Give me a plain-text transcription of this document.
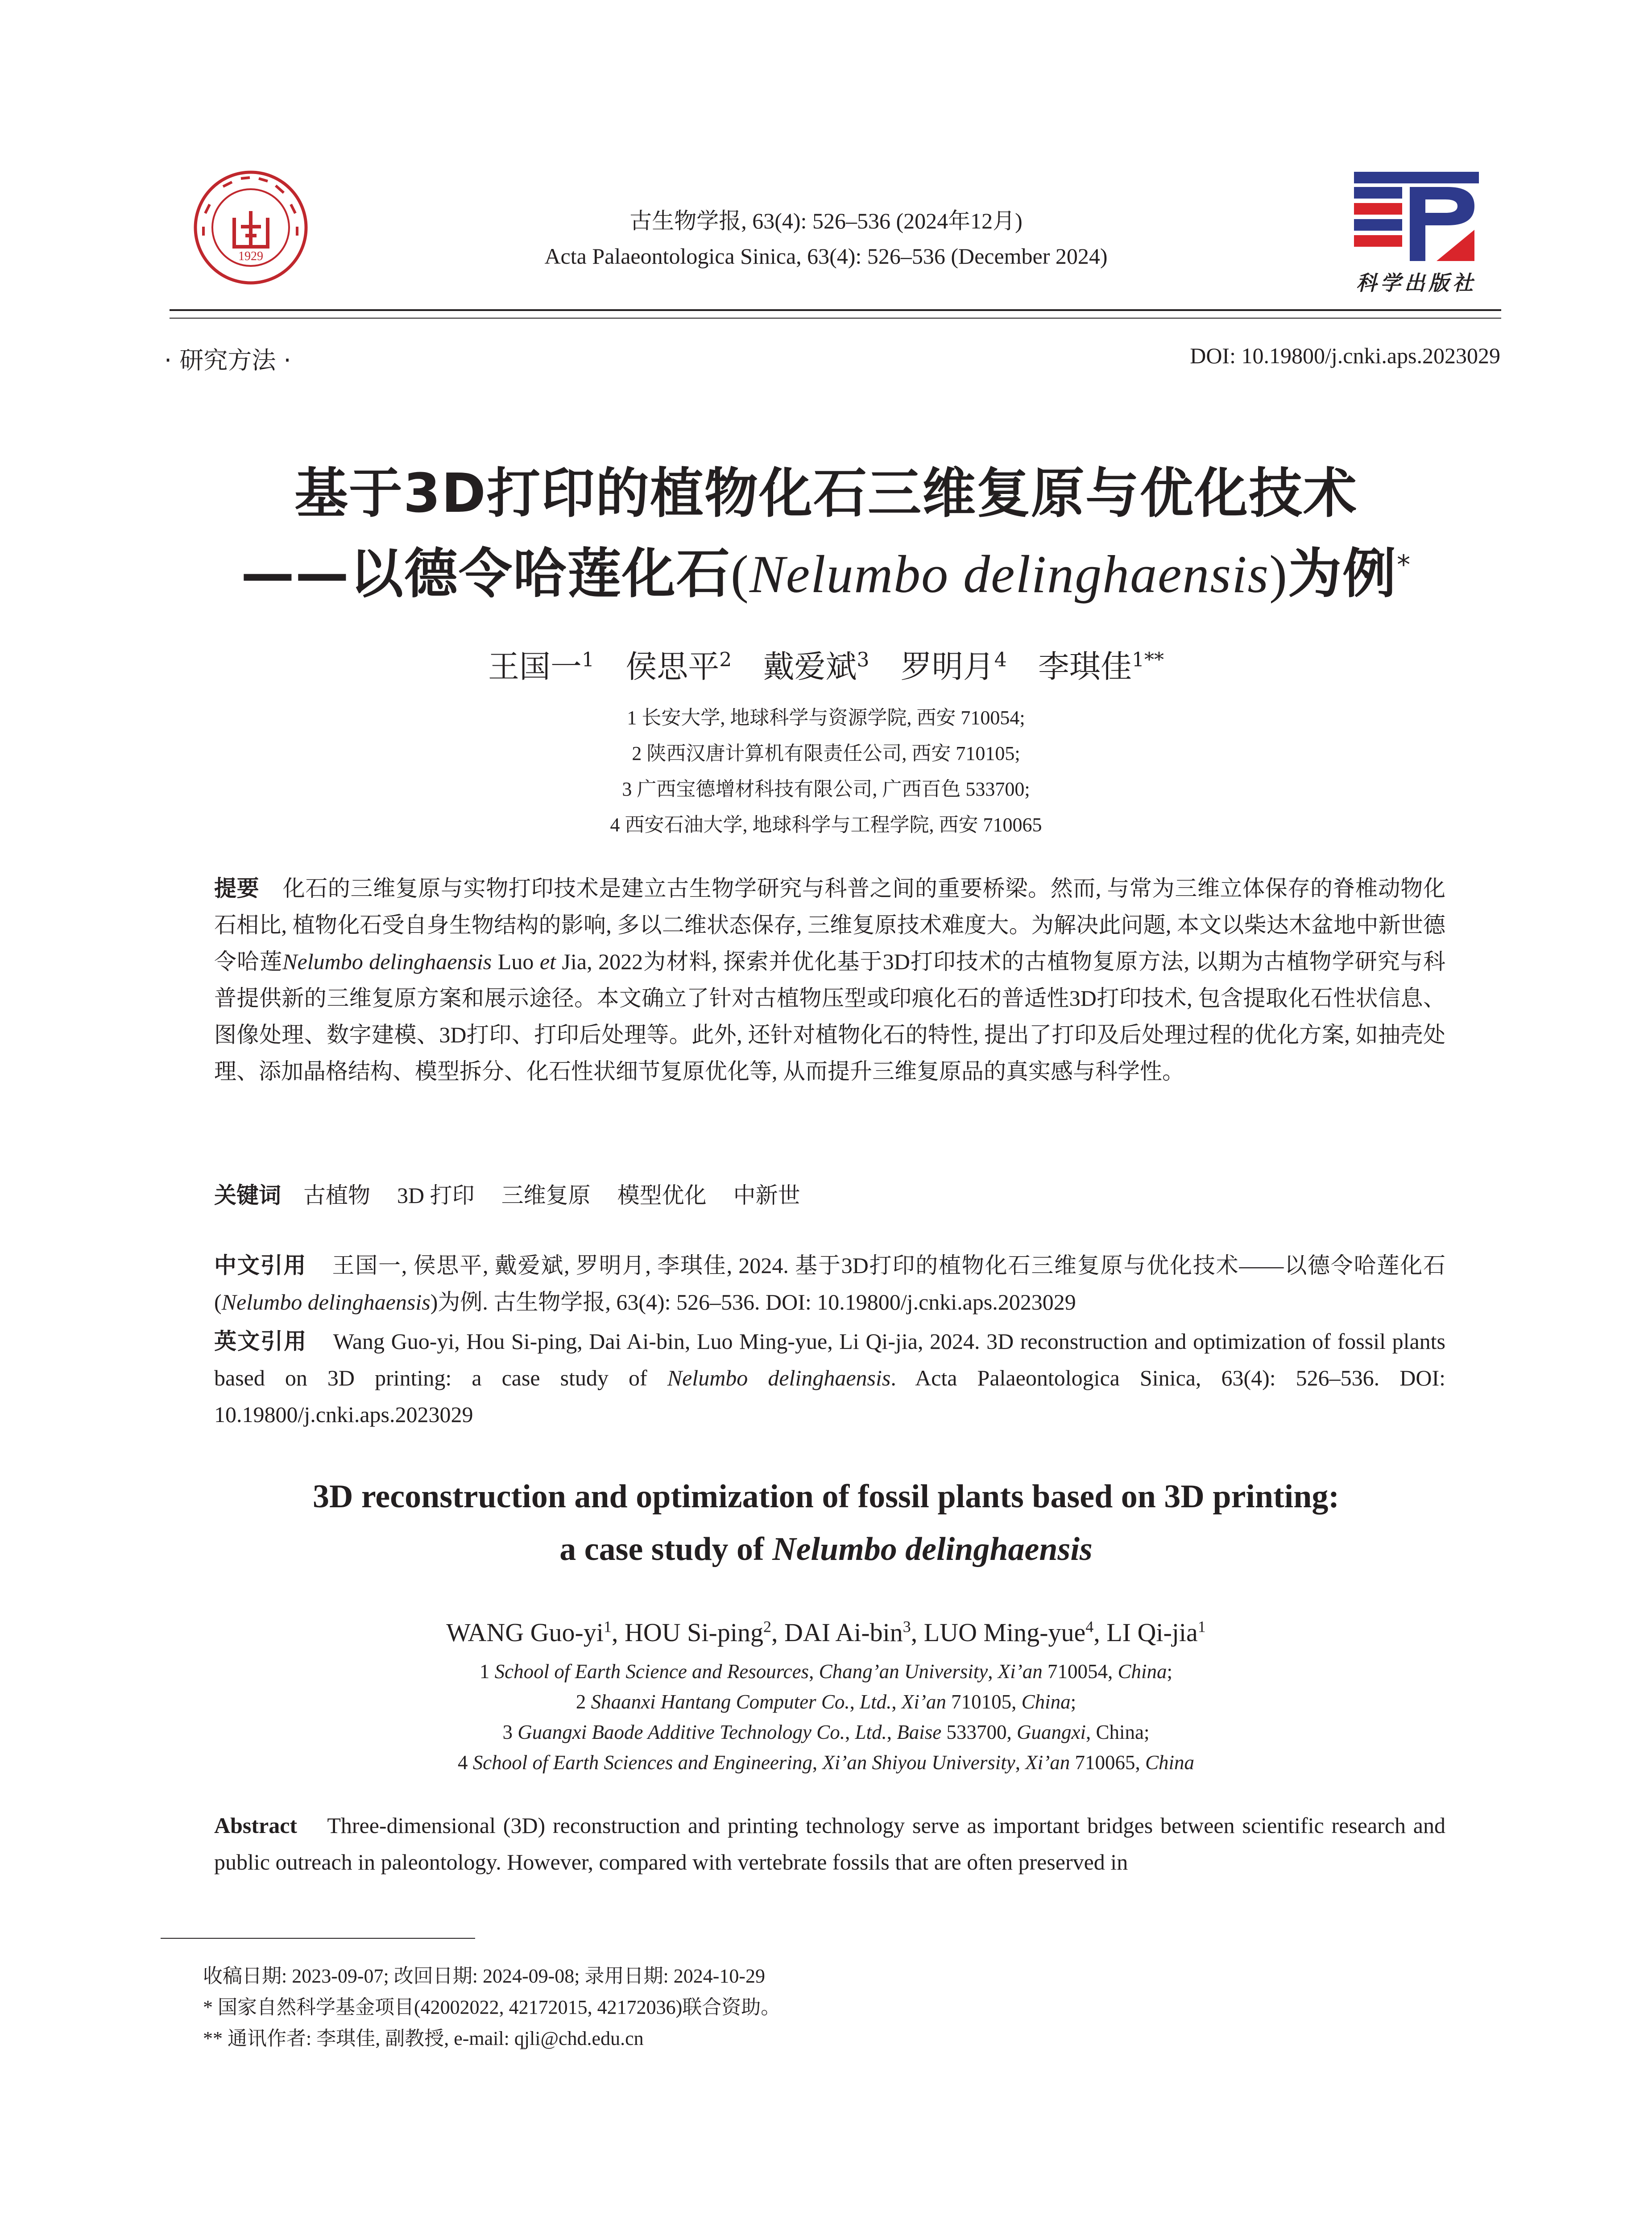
1929
科学出版社
古生物学报, 63(4): 526–536 (2024年12月)
Acta Palaeontologica Sinica, 63(4): 526–536 (December 2024)
· 研究方法 ·	DOI: 10.19800/j.cnki.aps.2023029
基于3D打印的植物化石三维复原与优化技术
——以德令哈莲化石(Nelumbo delinghaensis)为例*
王国一$^1$ 侯思平$^2$ 戴爱斌$^3$ 罗明月$^4$ 李琪佳$^{1**}$
1 长安大学, 地球科学与资源学院, 西安 710054;
2 陕西汉唐计算机有限责任公司, 西安 710105;
3 广西宝德增材科技有限公司, 广西百色 533700;
4 西安石油大学, 地球科学与工程学院, 西安 710065
提要 化石的三维复原与实物打印技术是建立古生物学研究与科普之间的重要桥梁。然而, 与常为三维立体保存的脊椎动物化石相比, 植物化石受自身生物结构的影响, 多以二维状态保存, 三维复原技术难度大。为解决此问题, 本文以柴达木盆地中新世德令哈莲Nelumbo delinghaensis Luo et Jia, 2022为材料, 探索并优化基于3D打印技术的古植物复原方法, 以期为古植物学研究与科普提供新的三维复原方案和展示途径。本文确立了针对古植物压型或印痕化石的普适性3D打印技术, 包含提取化石性状信息、图像处理、数字建模、3D打印、打印后处理等。此外, 还针对植物化石的特性, 提出了打印及后处理过程的优化方案, 如抽壳处理、添加晶格结构、模型拆分、化石性状细节复原优化等, 从而提升三维复原品的真实感与科学性。
关键词 古植物 3D 打印 三维复原 模型优化 中新世
中文引用 王国一, 侯思平, 戴爱斌, 罗明月, 李琪佳, 2024. 基于3D打印的植物化石三维复原与优化技术——以德令哈莲化石(Nelumbo delinghaensis)为例. 古生物学报, 63(4): 526–536. DOI: 10.19800/j.cnki.aps.2023029
英文引用 Wang Guo-yi, Hou Si-ping, Dai Ai-bin, Luo Ming-yue, Li Qi-jia, 2024. 3D reconstruction and optimization of fossil plants based on 3D printing: a case study of Nelumbo delinghaensis. Acta Palaeontologica Sinica, 63(4): 526–536. DOI: 10.19800/j.cnki.aps.2023029
3D reconstruction and optimization of fossil plants based on 3D printing:
a case study of Nelumbo delinghaensis
WANG Guo-$yi^1$, HOU Si-ping$^2$, DAI Ai-bin$^3$, LUO Ming-yue$^4$, LI Qi-jia$^1$
1 School of Earth Science and Resources, Chang’an University, Xi’an 710054, China;
2 Shaanxi Hantang Computer Co., Ltd., Xi’an 710105, China;
3 Guangxi Baode Additive Technology Co., Ltd., Baise 533700, Guangxi, China;
4 School of Earth Sciences and Engineering, Xi’an Shiyou University, Xi’an 710065, China
Abstract Three-dimensional (3D) reconstruction and printing technology serve as important bridges between scientific research and public outreach in paleontology. However, compared with vertebrate fossils that are often preserved in
收稿日期: 2023-09-07; 改回日期: 2024-09-08; 录用日期: 2024-10-29
* 国家自然科学基金项目(42002022, 42172015, 42172036)联合资助。
** 通讯作者: 李琪佳, 副教授, e-mail: qjli@chd.edu.cn
